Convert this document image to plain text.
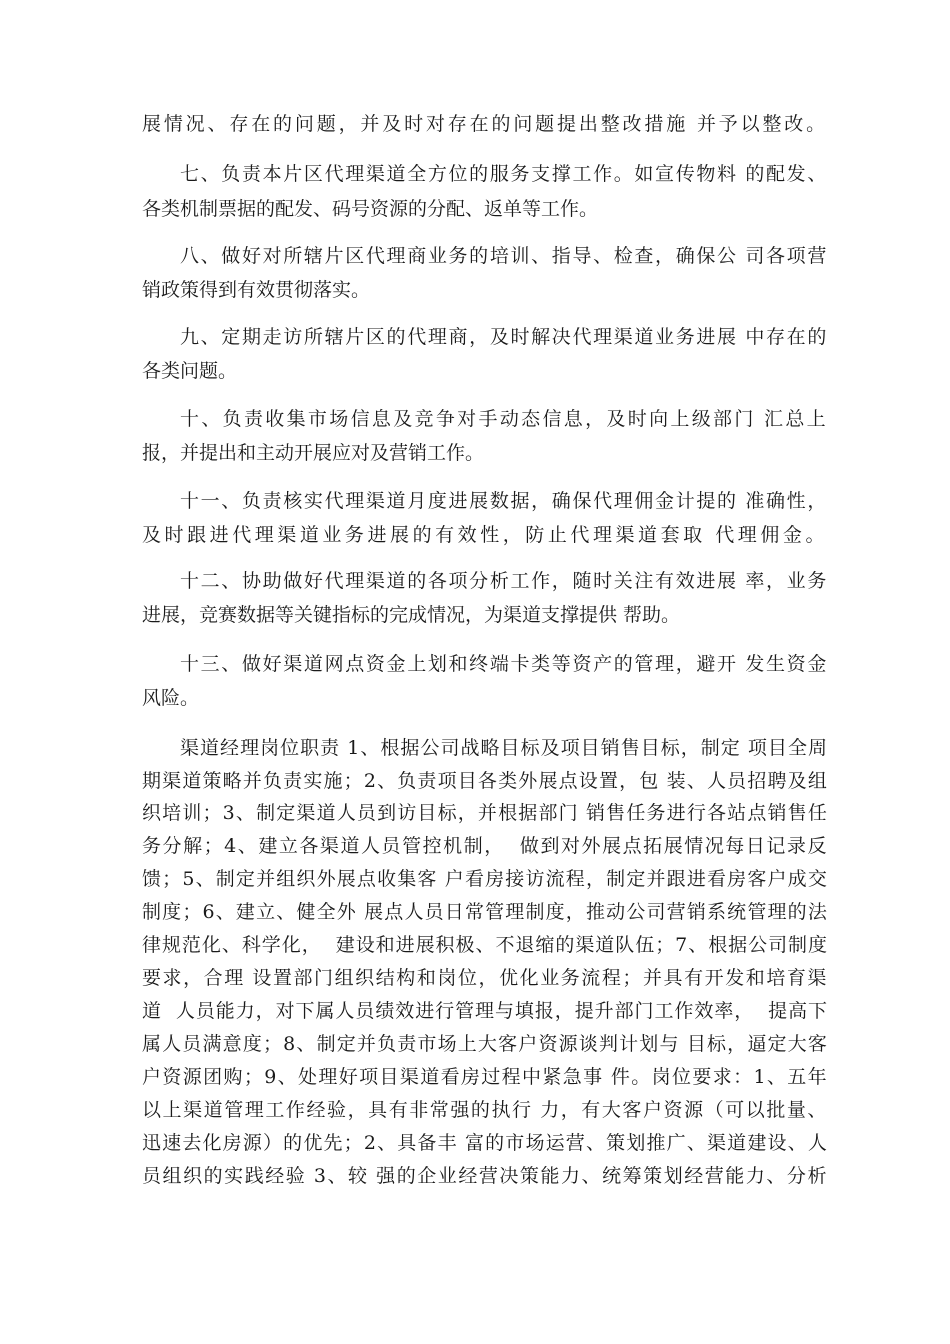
展情况、存在的问题，并及时对存在的问题提出整改措施 并予以整改。

七、负责本片区代理渠道全方位的服务支撑工作。如宣传物料 的配发、

各类机制票据的配发、码号资源的分配、返单等工作。

八、做好对所辖片区代理商业务的培训、指导、检查，确保公 司各项营

销政策得到有效贯彻落实。

九、定期走访所辖片区的代理商，及时解决代理渠道业务进展 中存在的

各类问题。

十、负责收集市场信息及竞争对手动态信息，及时向上级部门 汇总上

报，并提出和主动开展应对及营销工作。

十一、负责核实代理渠道月度进展数据，确保代理佣金计提的 准确性，

及时跟进代理渠道业务进展的有效性，防止代理渠道套取 代理佣金。

十二、协助做好代理渠道的各项分析工作，随时关注有效进展 率，业务

进展，竞赛数据等关键指标的完成情况，为渠道支撑提供 帮助。

十三、做好渠道网点资金上划和终端卡类等资产的管理，避开 发生资金

风险。

渠道经理岗位职责 1、根据公司战略目标及项目销售目标，制定 项目全周

期渠道策略并负责实施；2、负责项目各类外展点设置，包 装、人员招聘及组

织培训；3、制定渠道人员到访目标，并根据部门 销售任务进行各站点销售任

务分解；4、建立各渠道人员管控机制，  做到对外展点拓展情况每日记录反

馈；5、制定并组织外展点收集客 户看房接访流程，制定并跟进看房客户成交

制度；6、建立、健全外 展点人员日常管理制度，推动公司营销系统管理的法

律规范化、科学化，  建设和进展积极、不退缩的渠道队伍；7、根据公司制度

要求，合理 设置部门组织结构和岗位，优化业务流程；并具有开发和培育渠

道  人员能力，对下属人员绩效进行管理与填报，提升部门工作效率，  提高下

属人员满意度；8、制定并负责市场上大客户资源谈判计划与 目标，逼定大客

户资源团购；9、处理好项目渠道看房过程中紧急事 件。岗位要求：1、五年

以上渠道管理工作经验，具有非常强的执行 力，有大客户资源（可以批量、

迅速去化房源）的优先；2、具备丰 富的市场运营、策划推广、渠道建设、人

员组织的实践经验 3、较 强的企业经营决策能力、统筹策划经营能力、分析
